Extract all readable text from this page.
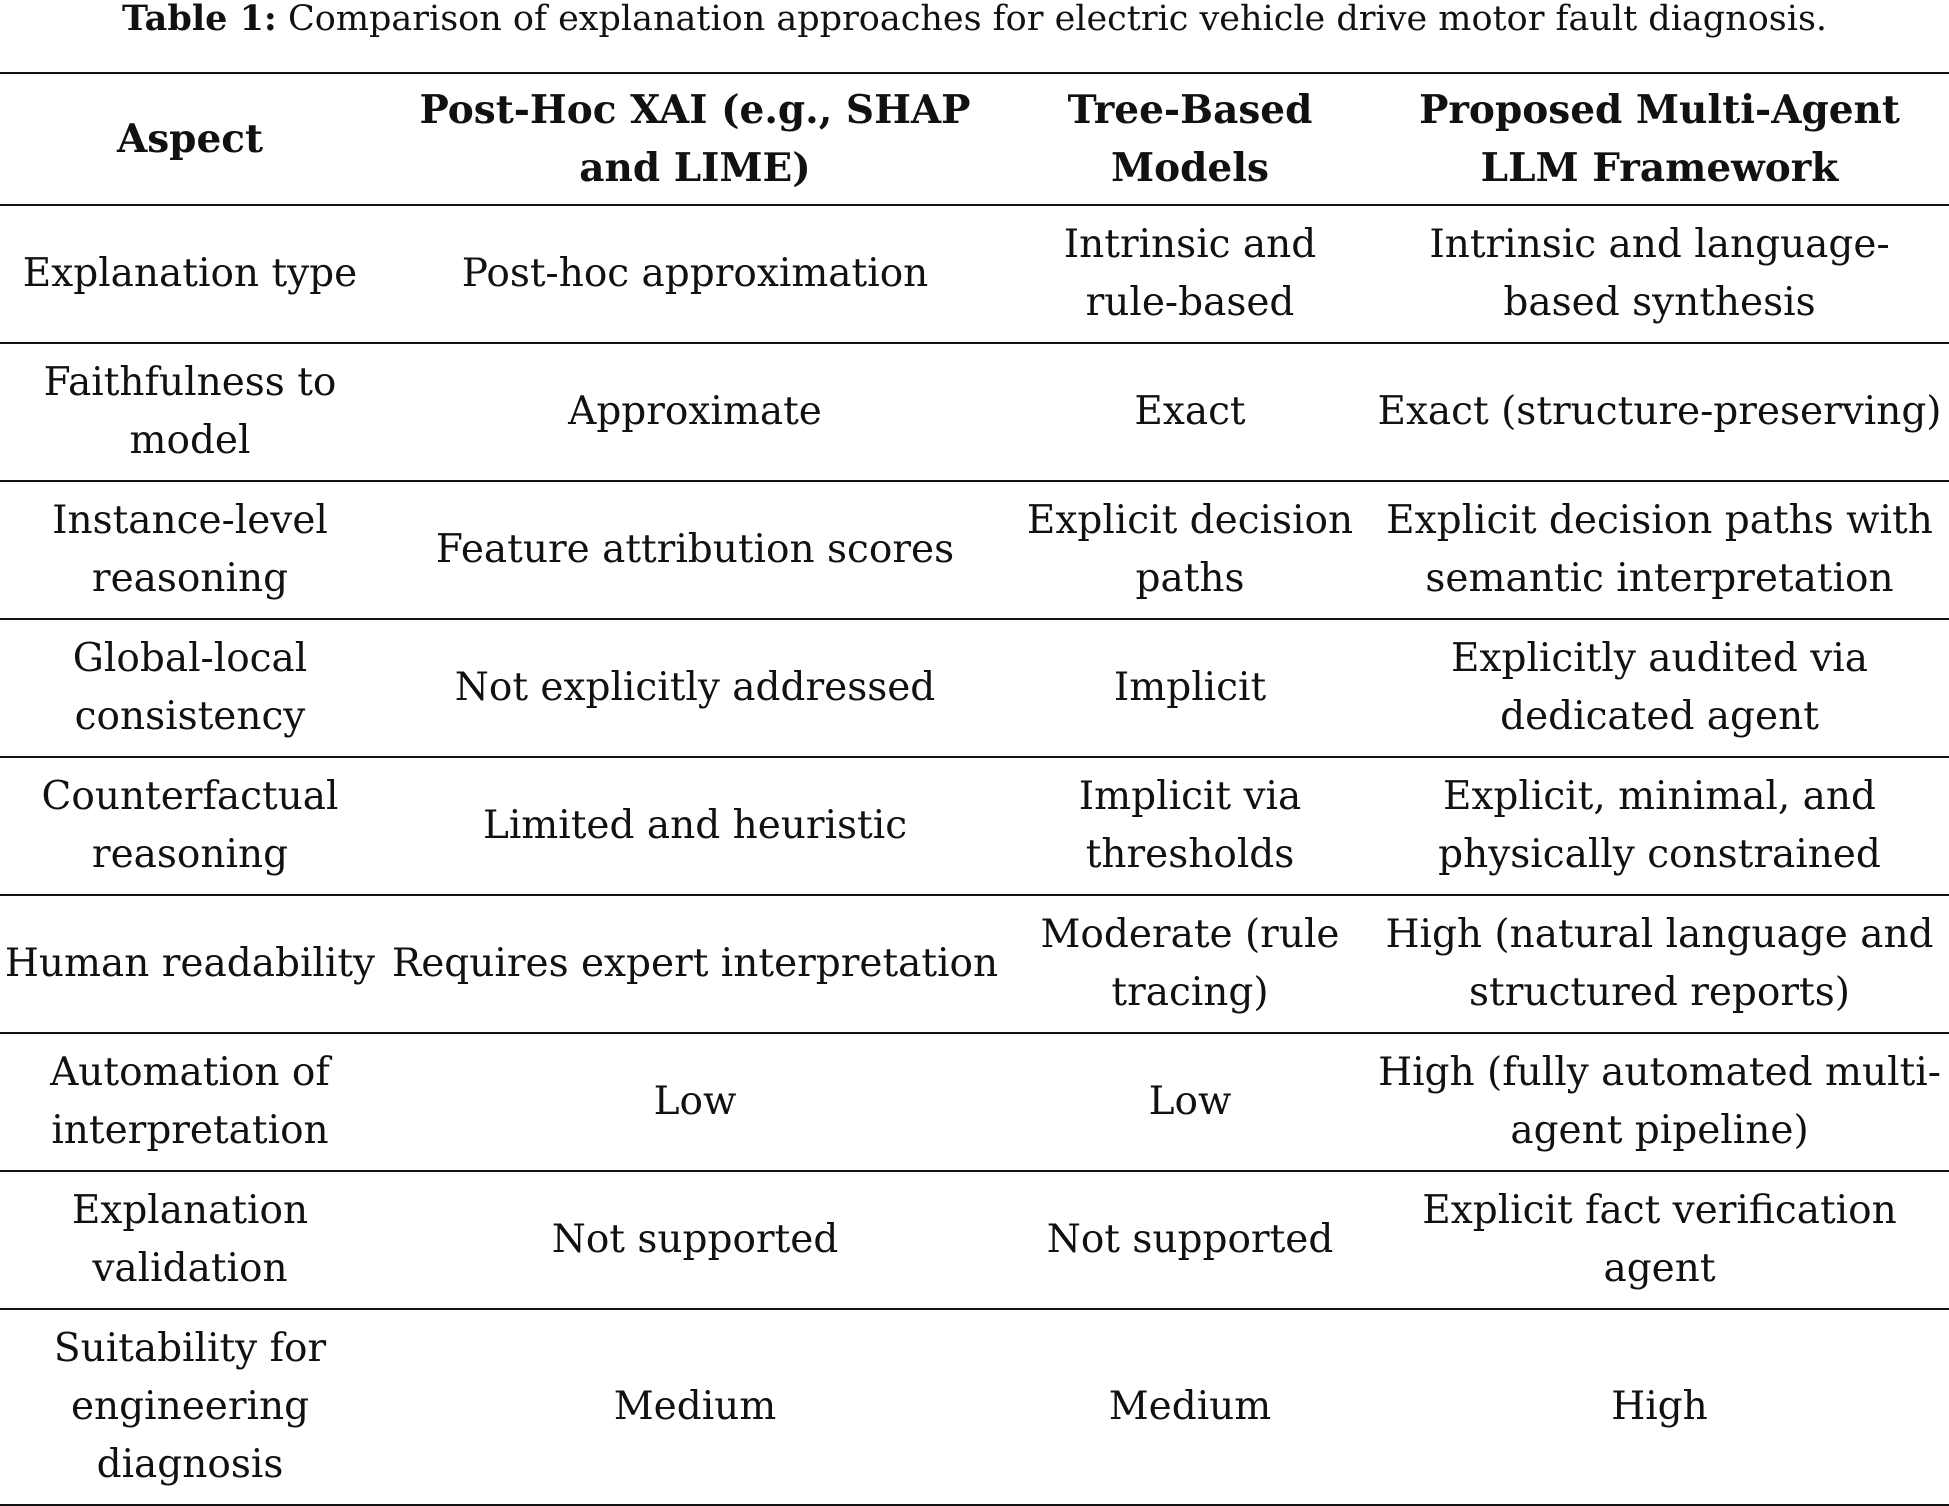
Table 1: Comparison of explanation approaches for electric vehicle drive motor fault diagnosis.
Aspect	Post-Hoc XAI (e.g., SHAP and LIME)	Tree-Based Models	Proposed Multi-Agent LLM Framework
Explanation type	Post-hoc approximation	Intrinsic and rule-based	Intrinsic and language-based synthesis
Faithfulness to model	Approximate	Exact	Exact (structure-preserving)
Instance-level reasoning	Feature attribution scores	Explicit decision paths	Explicit decision paths with semantic interpretation
Global-local consistency	Not explicitly addressed	Implicit	Explicitly audited via dedicated agent
Counterfactual reasoning	Limited and heuristic	Implicit via thresholds	Explicit, minimal, and physically constrained
Human readability	Requires expert interpretation	Moderate (rule tracing)	High (natural language and structured reports)
Automation of interpretation	Low	Low	High (fully automated multi-agent pipeline)
Explanation validation	Not supported	Not supported	Explicit fact verification agent
Suitability for engineering diagnosis	Medium	Medium	High
